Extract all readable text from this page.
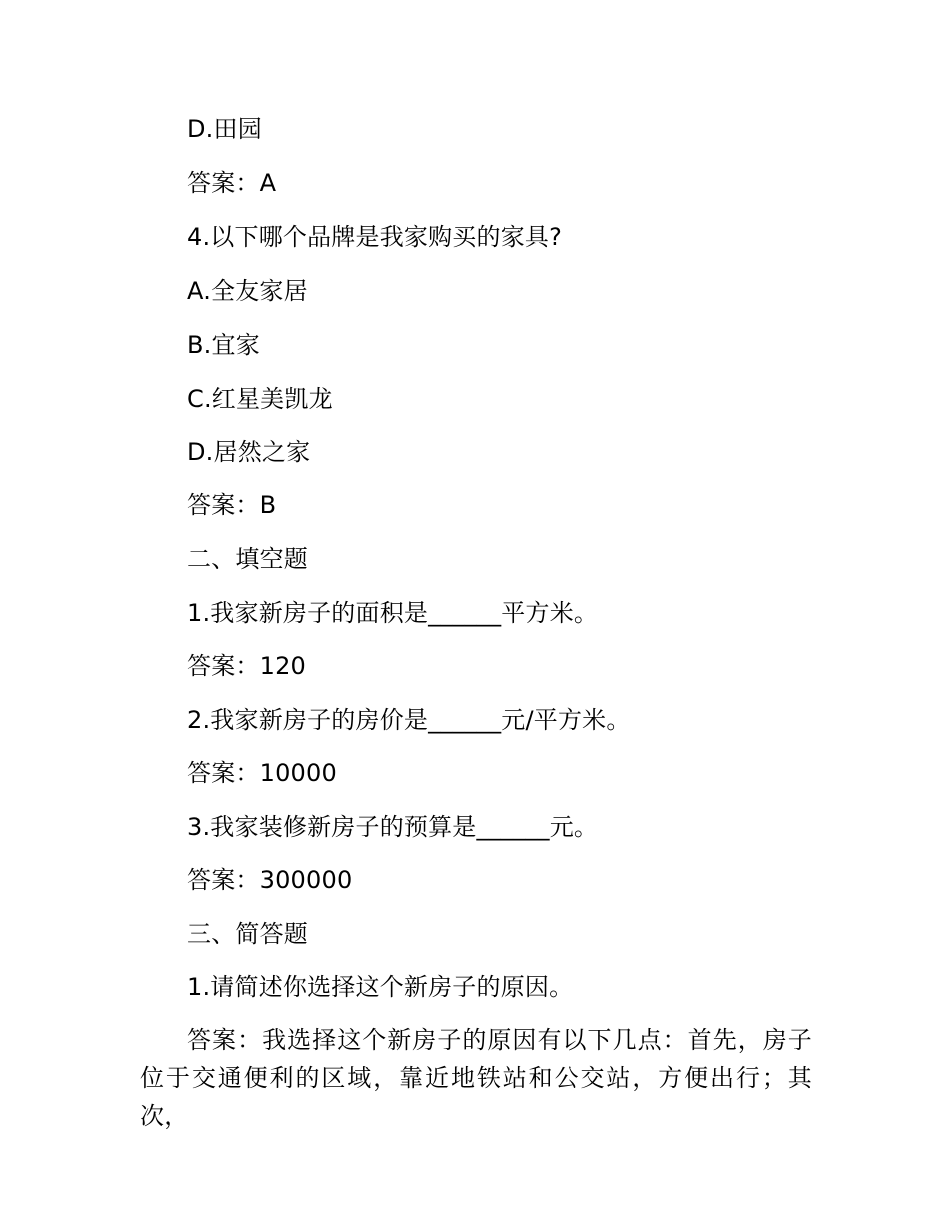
D.田园
答案：A
4.以下哪个品牌是我家购买的家具?
A.全友家居
B.宜家
C.红星美凯龙
D.居然之家
答案：B
二、填空题
1.我家新房子的面积是______平方米。
答案：120
2.我家新房子的房价是______元/平方米。
答案：10000
3.我家装修新房子的预算是______元。
答案：300000
三、简答题
1.请简述你选择这个新房子的原因。
答案：我选择这个新房子的原因有以下几点：首先，房子位于交通便利的区域，靠近地铁站和公交站，方便出行；其次，
